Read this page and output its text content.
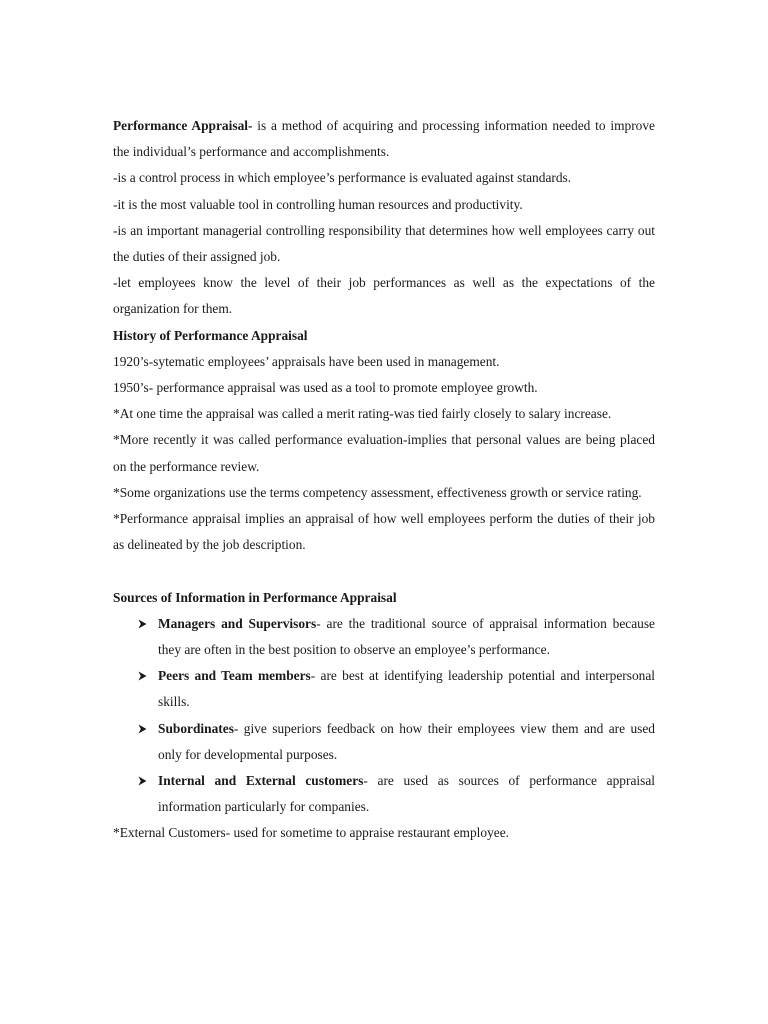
Performance Appraisal- is a method of acquiring and processing information needed to improve the individual’s performance and accomplishments.

-is a control process in which employee’s performance is evaluated against standards.

-it is the most valuable tool in controlling human resources and productivity.

-is an important managerial controlling responsibility that determines how well employees carry out the duties of their assigned job.

-let employees know the level of their job performances as well as the expectations of the organization for them.

History of Performance Appraisal

1920’s-sytematic employees’ appraisals have been used in management.

1950’s- performance appraisal was used as a tool to promote employee growth.

*At one time the appraisal was called a merit rating-was tied fairly closely to salary increase.

*More recently it was called performance evaluation-implies that personal values are being placed on the performance review.

*Some organizations use the terms competency assessment, effectiveness growth or service rating.

*Performance appraisal implies an appraisal of how well employees perform the duties of their job as delineated by the job description.

Sources of Information in Performance Appraisal

Managers and Supervisors- are the traditional source of appraisal information because they are often in the best position to observe an employee’s performance.
Peers and Team members- are best at identifying leadership potential and interpersonal skills.
Subordinates- give superiors feedback on how their employees view them and are used only for developmental purposes.
Internal and External customers- are used as sources of performance appraisal information particularly for companies.

*External Customers- used for sometime to appraise restaurant employee.
